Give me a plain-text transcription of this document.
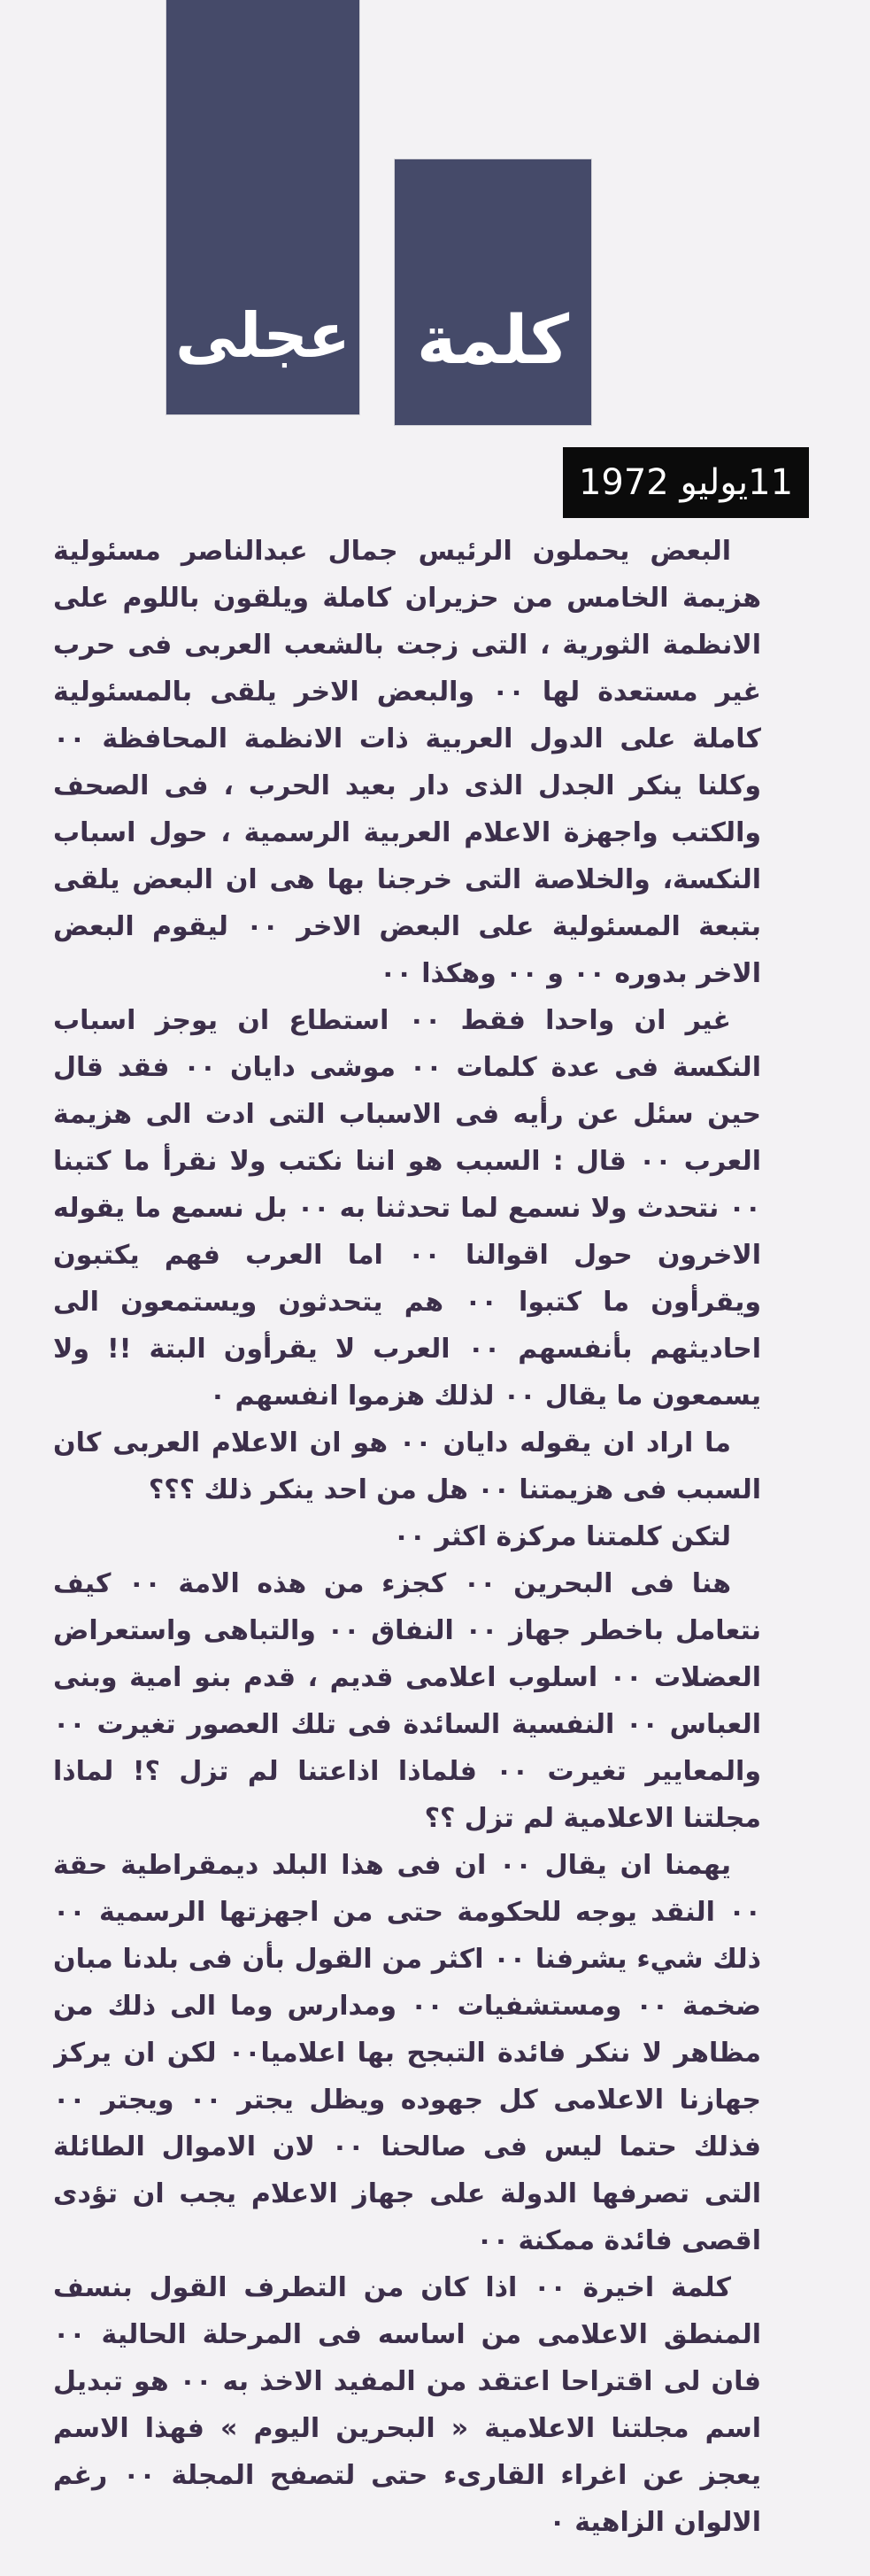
عجلى كلمة
11يوليو 1972

البعض يحملون الرئيس جمال عبدالناصر مسئولية هزيمة الخامس من حزيران كاملة ويلقون باللوم على الانظمة الثورية ، التى زجت بالشعب العربى فى حرب غير مستعدة لها ٠٠ والبعض الاخر يلقى بالمسئولية كاملة على الدول العربية ذات الانظمة المحافظة ٠٠ وكلنا ينكر الجدل الذى دار بعيد الحرب ، فى الصحف والكتب واجهزة الاعلام العربية الرسمية ، حول اسباب النكسة، والخلاصة التى خرجنا بها هى ان البعض يلقى بتبعة المسئولية على البعض الاخر ٠٠ ليقوم البعض الاخر بدوره ٠٠ و ٠٠ وهكذا ٠٠

غير ان واحدا فقط ٠٠ استطاع ان يوجز اسباب النكسة فى عدة كلمات ٠٠ موشى دايان ٠٠ فقد قال حين سئل عن رأيه فى الاسباب التى ادت الى هزيمة العرب ٠٠ قال : السبب هو اننا نكتب ولا نقرأ ما كتبنا ٠٠ نتحدث ولا نسمع لما تحدثنا به ٠٠ بل نسمع ما يقوله الاخرون حول اقوالنا ٠٠ اما العرب فهم يكتبون ويقرأون ما كتبوا ٠٠ هم يتحدثون ويستمعون الى احاديثهم بأنفسهم ٠٠ العرب لا يقرأون البتة !! ولا يسمعون ما يقال ٠٠ لذلك هزموا انفسهم ٠

ما اراد ان يقوله دايان ٠٠ هو ان الاعلام العربى كان السبب فى هزيمتنا ٠٠ هل من احد ينكر ذلك ؟؟؟

لتكن كلمتنا مركزة اكثر ٠٠

هنا فى البحرين ٠٠ كجزء من هذه الامة ٠٠ كيف نتعامل باخطر جهاز ٠٠ النفاق ٠٠ والتباهى واستعراض العضلات ٠٠ اسلوب اعلامى قديم ، قدم بنو امية وبنى العباس ٠٠ النفسية السائدة فى تلك العصور تغيرت ٠٠ والمعايير تغيرت ٠٠ فلماذا اذاعتنا لم تزل ؟! لماذا مجلتنا الاعلامية لم تزل ؟؟

يهمنا ان يقال ٠٠ ان فى هذا البلد ديمقراطية حقة ٠٠ النقد يوجه للحكومة حتى من اجهزتها الرسمية ٠٠ ذلك شيء يشرفنا ٠٠ اكثر من القول بأن فى بلدنا مبان ضخمة ٠٠ ومستشفيات ٠٠ ومدارس وما الى ذلك من مظاهر لا ننكر فائدة التبجح بها اعلاميا٠٠ لكن ان يركز جهازنا الاعلامى كل جهوده ويظل يجتر ٠٠ ويجتر ٠٠ فذلك حتما ليس فى صالحنا ٠٠ لان الاموال الطائلة التى تصرفها الدولة على جهاز الاعلام يجب ان تؤدى اقصى فائدة ممكنة ٠٠

كلمة اخيرة ٠٠ اذا كان من التطرف القول بنسف المنطق الاعلامى من اساسه فى المرحلة الحالية ٠٠ فان لى اقتراحا اعتقد من المفيد الاخذ به ٠٠ هو تبديل اسم مجلتنا الاعلامية « البحرين اليوم » فهذا الاسم يعجز عن اغراء القارىء حتى لتصفح المجلة ٠٠ رغم الالوان الزاهية ٠
